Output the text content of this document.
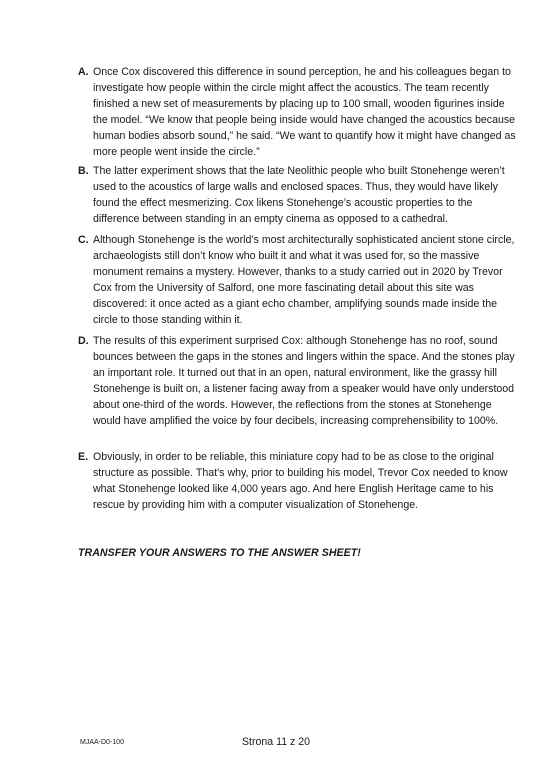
A. Once Cox discovered this difference in sound perception, he and his colleagues began to investigate how people within the circle might affect the acoustics. The team recently finished a new set of measurements by placing up to 100 small, wooden figurines inside the model. “We know that people being inside would have changed the acoustics because human bodies absorb sound,” he said. “We want to quantify how it might have changed as more people went inside the circle.”
B. The latter experiment shows that the late Neolithic people who built Stonehenge weren’t used to the acoustics of large walls and enclosed spaces. Thus, they would have likely found the effect mesmerizing. Cox likens Stonehenge’s acoustic properties to the difference between standing in an empty cinema as opposed to a cathedral.
C. Although Stonehenge is the world’s most architecturally sophisticated ancient stone circle, archaeologists still don’t know who built it and what it was used for, so the massive monument remains a mystery. However, thanks to a study carried out in 2020 by Trevor Cox from the University of Salford, one more fascinating detail about this site was discovered: it once acted as a giant echo chamber, amplifying sounds made inside the circle to those standing within it.
D. The results of this experiment surprised Cox: although Stonehenge has no roof, sound bounces between the gaps in the stones and lingers within the space. And the stones play an important role. It turned out that in an open, natural environment, like the grassy hill Stonehenge is built on, a listener facing away from a speaker would have only understood about one-third of the words. However, the reflections from the stones at Stonehenge would have amplified the voice by four decibels, increasing comprehensibility to 100%.
E. Obviously, in order to be reliable, this miniature copy had to be as close to the original structure as possible. That’s why, prior to building his model, Trevor Cox needed to know what Stonehenge looked like 4,000 years ago. And here English Heritage came to his rescue by providing him with a computer visualization of Stonehenge.
TRANSFER YOUR ANSWERS TO THE ANSWER SHEET!
MJAA-D0-100	Strona 11 z 20
